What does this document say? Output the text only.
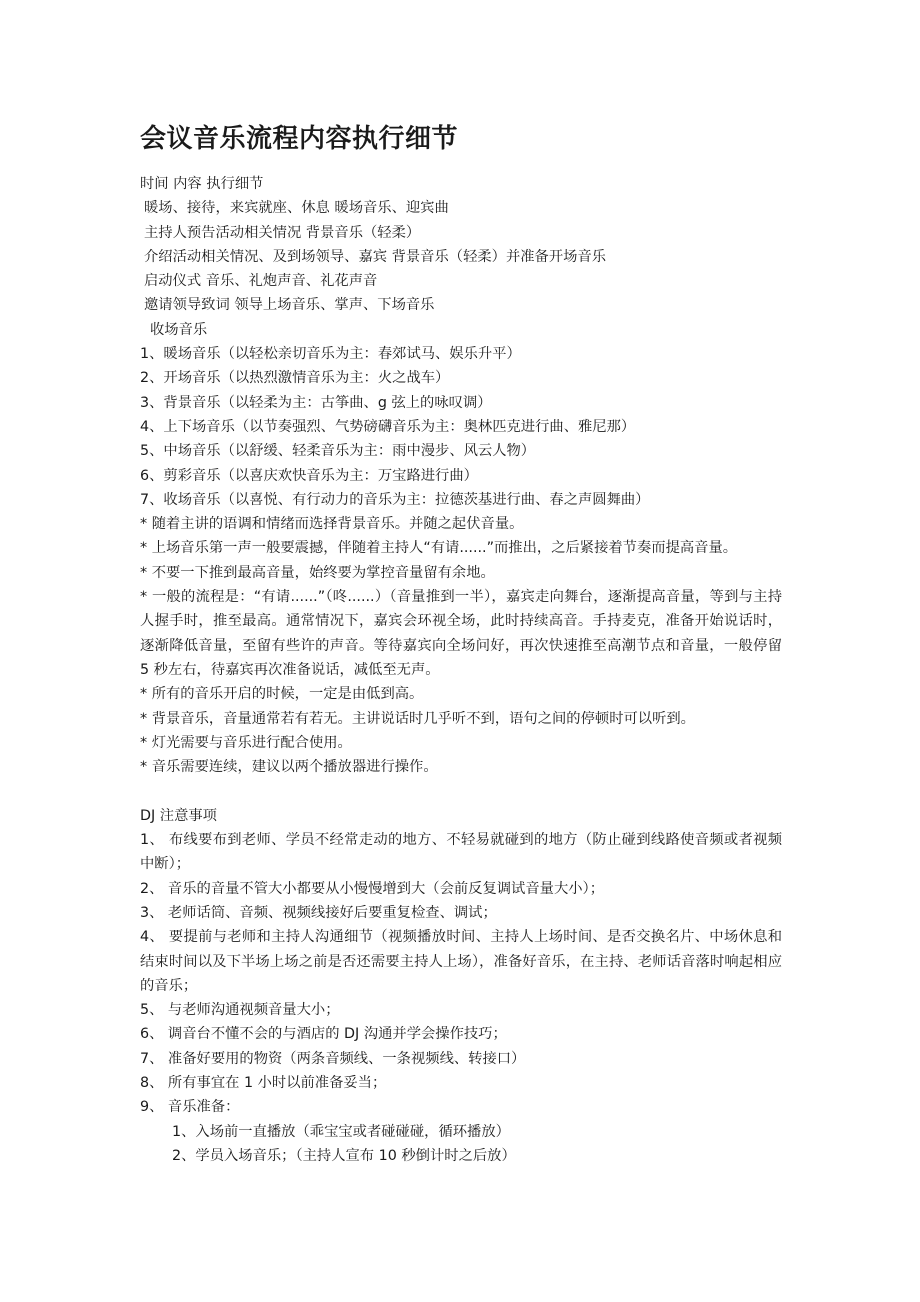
会议音乐流程内容执行细节
时间 内容 执行细节
暖场、接待，来宾就座、休息 暖场音乐、迎宾曲
主持人预告活动相关情况 背景音乐（轻柔）
介绍活动相关情况、及到场领导、嘉宾 背景音乐（轻柔）并准备开场音乐
启动仪式 音乐、礼炮声音、礼花声音
邀请领导致词 领导上场音乐、掌声、下场音乐
收场音乐
1、暖场音乐（以轻松亲切音乐为主：春郊试马、娱乐升平）
2、开场音乐（以热烈激情音乐为主：火之战车）
3、背景音乐（以轻柔为主：古筝曲、g 弦上的咏叹调）
4、上下场音乐（以节奏强烈、气势磅礴音乐为主：奥林匹克进行曲、雅尼那）
5、中场音乐（以舒缓、轻柔音乐为主：雨中漫步、风云人物）
6、剪彩音乐（以喜庆欢快音乐为主：万宝路进行曲）
7、收场音乐（以喜悦、有行动力的音乐为主：拉德茨基进行曲、春之声圆舞曲）
* 随着主讲的语调和情绪而选择背景音乐。并随之起伏音量。
* 上场音乐第一声一般要震撼，伴随着主持人“有请......”而推出，之后紧接着节奏而提高音量。
* 不要一下推到最高音量，始终要为掌控音量留有余地。
* 一般的流程是：“有请......”（咚......）（音量推到一半），嘉宾走向舞台，逐渐提高音量，等到与主持人握手时，推至最高。通常情况下，嘉宾会环视全场，此时持续高音。手持麦克，准备开始说话时，逐渐降低音量，至留有些许的声音。等待嘉宾向全场问好，再次快速推至高潮节点和音量，一般停留 5 秒左右，待嘉宾再次准备说话，减低至无声。
* 所有的音乐开启的时候，一定是由低到高。
* 背景音乐，音量通常若有若无。主讲说话时几乎听不到，语句之间的停顿时可以听到。
* 灯光需要与音乐进行配合使用。
* 音乐需要连续，建议以两个播放器进行操作。
DJ 注意事项
1、 布线要布到老师、学员不经常走动的地方、不轻易就碰到的地方（防止碰到线路使音频或者视频中断）；
2、 音乐的音量不管大小都要从小慢慢增到大（会前反复调试音量大小）；
3、 老师话筒、音频、视频线接好后要重复检查、调试；
4、 要提前与老师和主持人沟通细节（视频播放时间、主持人上场时间、是否交换名片、中场休息和结束时间以及下半场上场之前是否还需要主持人上场），准备好音乐，在主持、老师话音落时响起相应的音乐；
5、 与老师沟通视频音量大小；
6、 调音台不懂不会的与酒店的 DJ 沟通并学会操作技巧；
7、 准备好要用的物资（两条音频线、一条视频线、转接口）
8、 所有事宜在 1 小时以前准备妥当；
9、 音乐准备：
1、入场前一直播放（乖宝宝或者碰碰碰，循环播放）
2、学员入场音乐；（主持人宣布 10 秒倒计时之后放）
